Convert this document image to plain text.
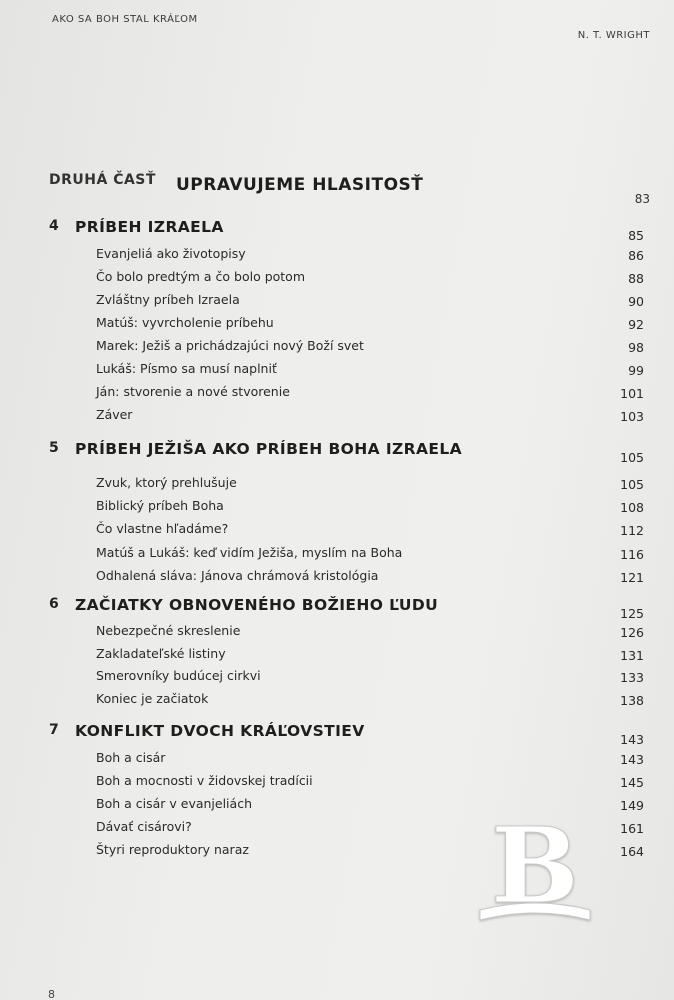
AKO SA BOH STAL KRÁĽOM
N. T. WRIGHT
DRUHÁ ČASŤ UPRAVUJEME HLASITOSŤ
83
4 PRÍBEH IZRAELA	85
Evanjeliá ako životopisy	86
Čo bolo predtým a čo bolo potom	88
Zvláštny príbeh Izraela	90
Matúš: vyvrcholenie príbehu	92
Marek: Ježiš a prichádzajúci nový Boží svet	98
Lukáš: Písmo sa musí naplniť	99
Ján: stvorenie a nové stvorenie	101
Záver	103
5 PRÍBEH JEŽIŠA AKO PRÍBEH BOHA IZRAELA	105
Zvuk, ktorý prehlušuje	105
Biblický príbeh Boha	108
Čo vlastne hľadáme?	112
Matúš a Lukáš: keď vidím Ježiša, myslím na Boha	116
Odhalená sláva: Jánova chrámová kristológia	121
6 ZAČIATKY OBNOVENÉHO BOŽIEHO ĽUDU	125
Nebezpečné skreslenie	126
Zakladateľské listiny	131
Smerovníky budúcej cirkvi	133
Koniec je začiatok	138
7 KONFLIKT DVOCH KRÁĽOVSTIEV	143
Boh a cisár	143
Boh a mocnosti v židovskej tradícii	145
Boh a cisár v evanjeliách	149
Dávať cisárovi?	161
Štyri reproduktory naraz	164
8
B
